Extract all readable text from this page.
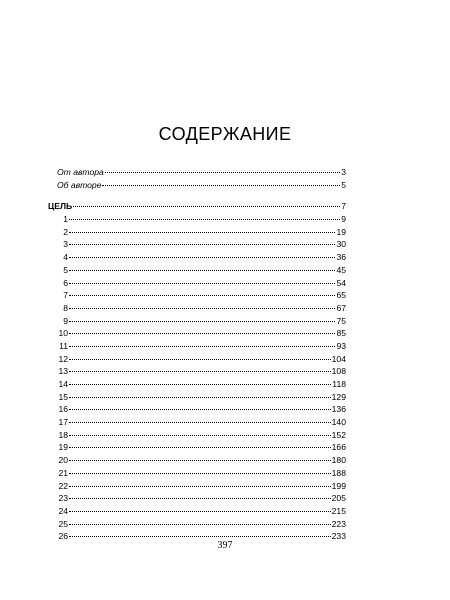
СОДЕРЖАНИЕ
От автора	3
Об авторе	5
ЦЕЛЬ	7
1	9
2	19
3	30
4	36
5	45
6	54
7	65
8	67
9	75
10	85
11	93
12	104
13	108
14	118
15	129
16	136
17	140
18	152
19	166
20	180
21	188
22	199
23	205
24	215
25	223
26	233
397
